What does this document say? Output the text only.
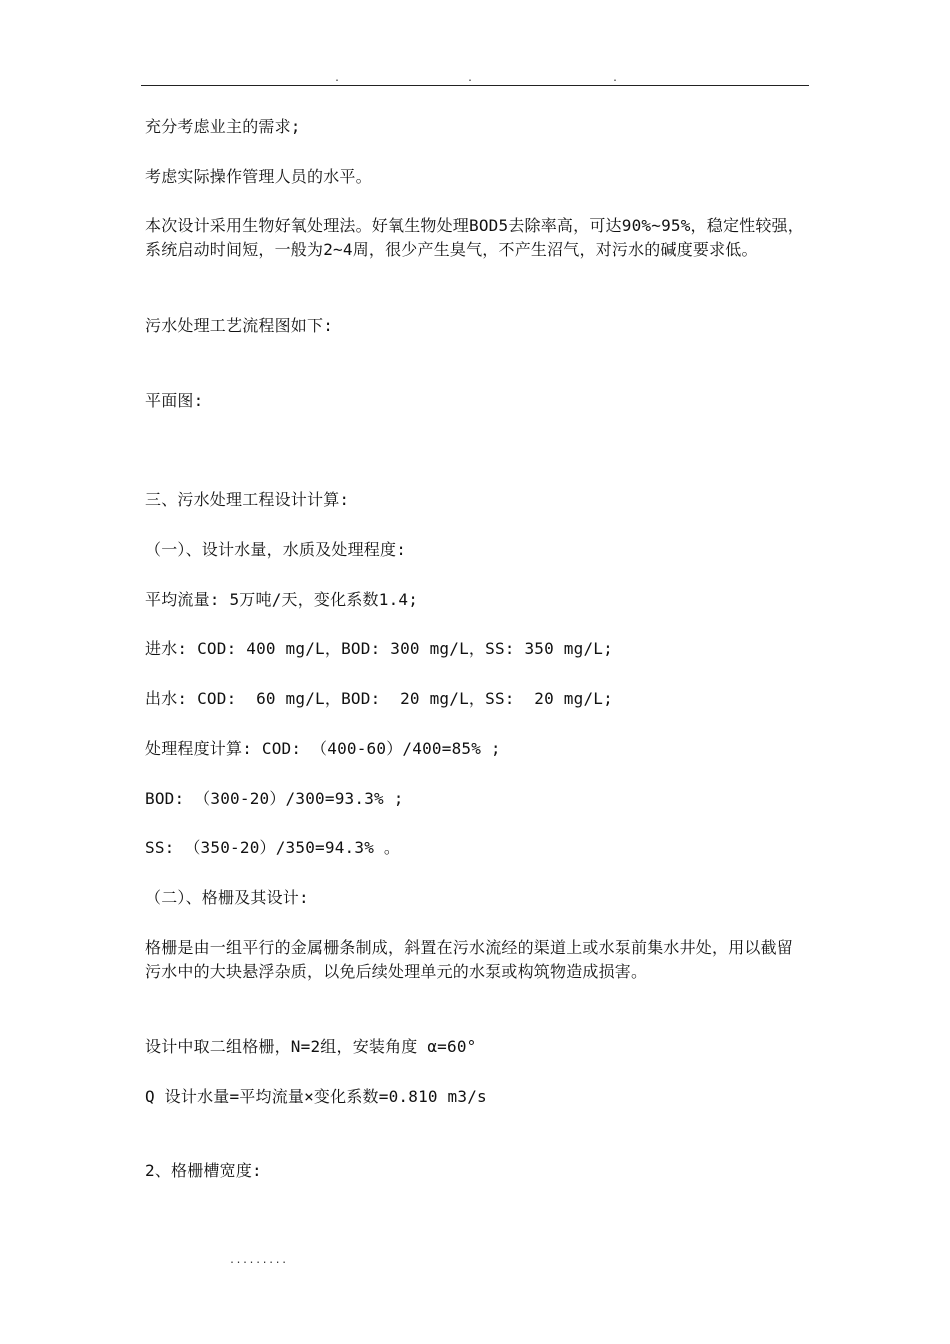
.	.	.

充分考虑业主的需求;

考虑实际操作管理人员的水平。

本次设计采用生物好氧处理法。好氧生物处理BOD5去除率高，可达90%~95%，稳定性较强，系统启动时间短，一般为2~4周，很少产生臭气，不产生沼气，对污水的碱度要求低。

污水处理工艺流程图如下:

平面图:

三、污水处理工程设计计算:

（一）、设计水量，水质及处理程度:

平均流量: 5万吨/天，变化系数1.4;

进水: COD: 400 mg/L，BOD: 300 mg/L，SS: 350 mg/L;

出水: COD:  60 mg/L，BOD:  20 mg/L，SS:  20 mg/L;

处理程度计算: COD: （400-60）/400=85% ;

BOD: （300-20）/300=93.3% ;

SS: （350-20）/350=94.3% 。

（二）、格栅及其设计:

格栅是由一组平行的金属栅条制成，斜置在污水流经的渠道上或水泵前集水井处，用以截留污水中的大块悬浮杂质，以免后续处理单元的水泵或构筑物造成损害。

设计中取二组格栅，N=2组，安装角度 α=60°

Q 设计水量=平均流量×变化系数=0.810 m3/s

2、格栅槽宽度:

.........
